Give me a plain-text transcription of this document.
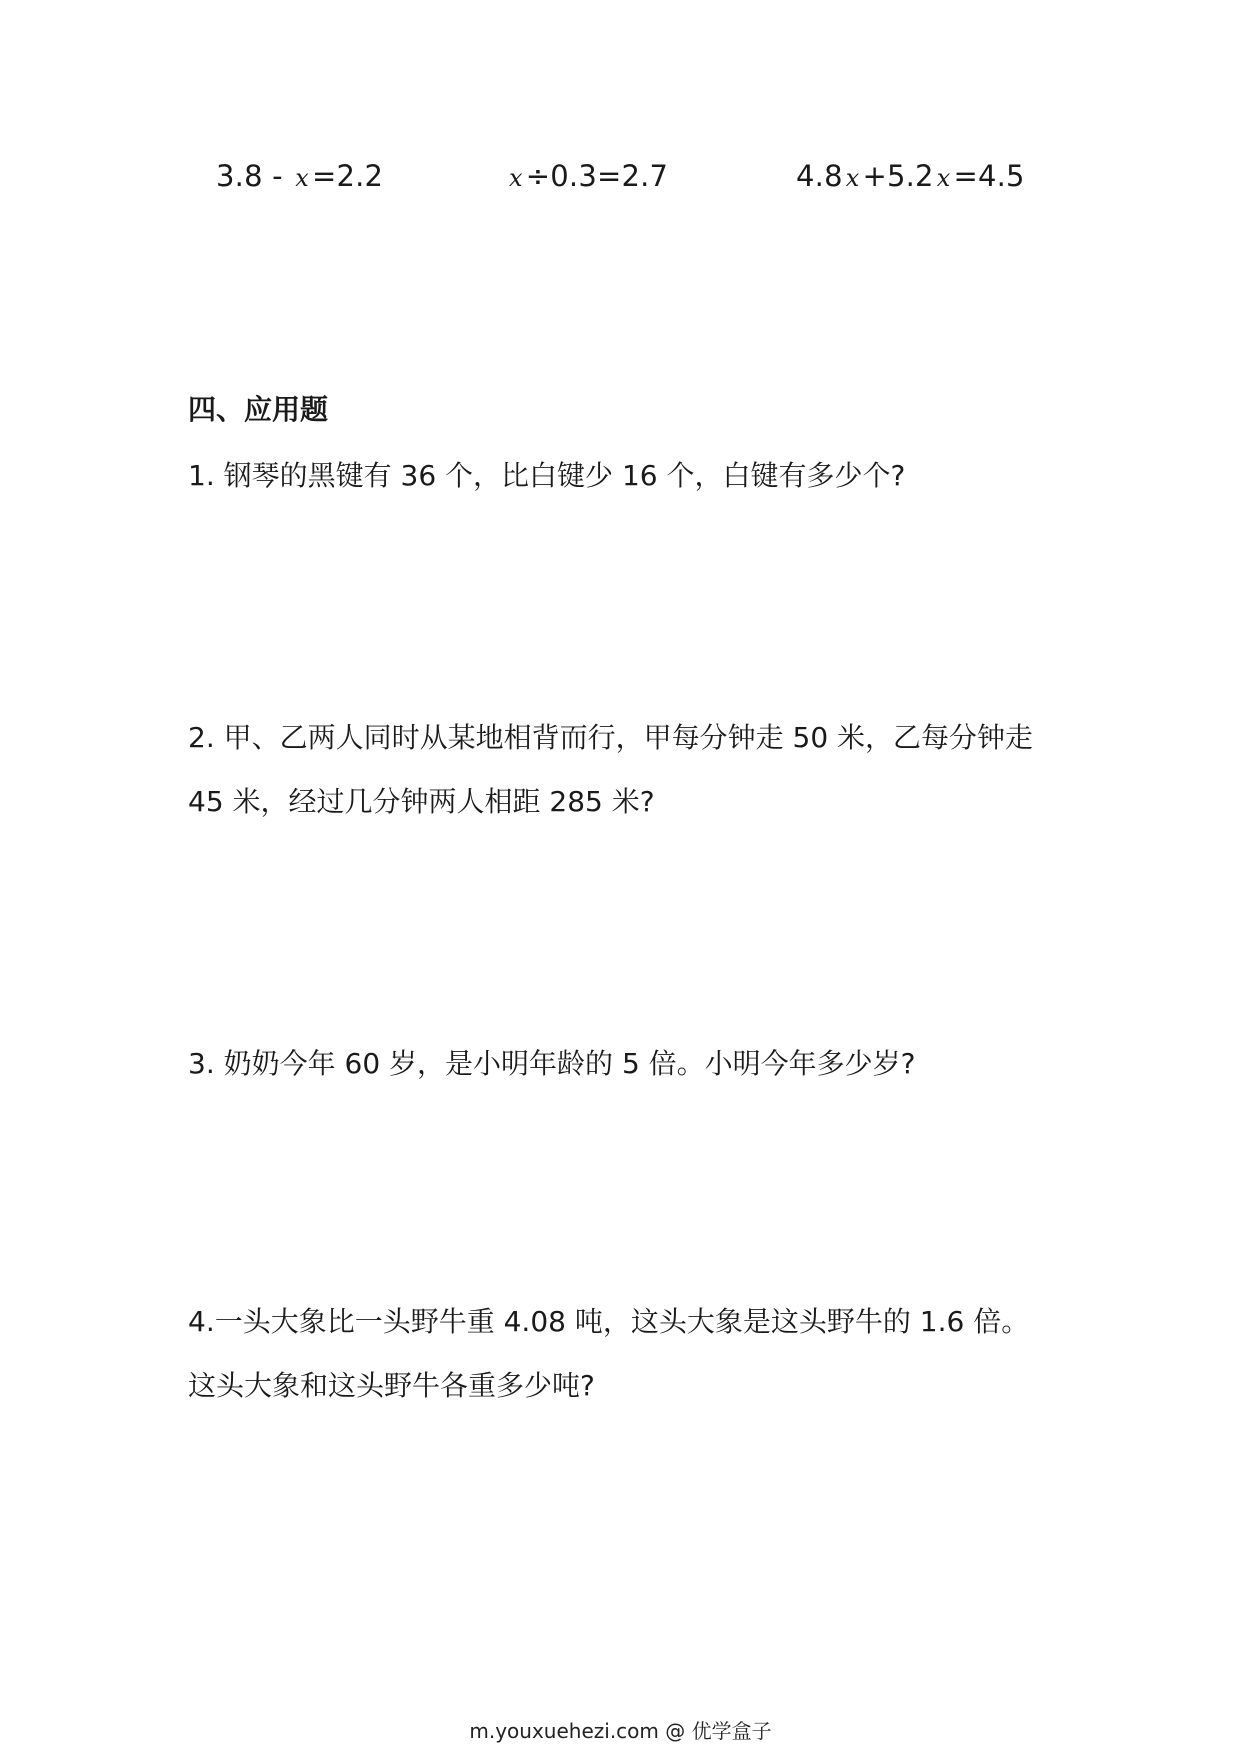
3.8 - x =2.2	x ÷0.3=2.7	4.8 x +5.2 x =4.5
四、应用题
1. 钢琴的黑键有 36 个，比白键少 16 个，白键有多少个?
2. 甲、乙两人同时从某地相背而行，甲每分钟走 50 米，乙每分钟走
45 米，经过几分钟两人相距 285 米?
3. 奶奶今年 60 岁，是小明年龄的 5 倍。小明今年多少岁?
4.一头大象比一头野牛重 4.08 吨，这头大象是这头野牛的 1.6 倍。
这头大象和这头野牛各重多少吨?
m.youxuehezi.com @ 优学盒子
